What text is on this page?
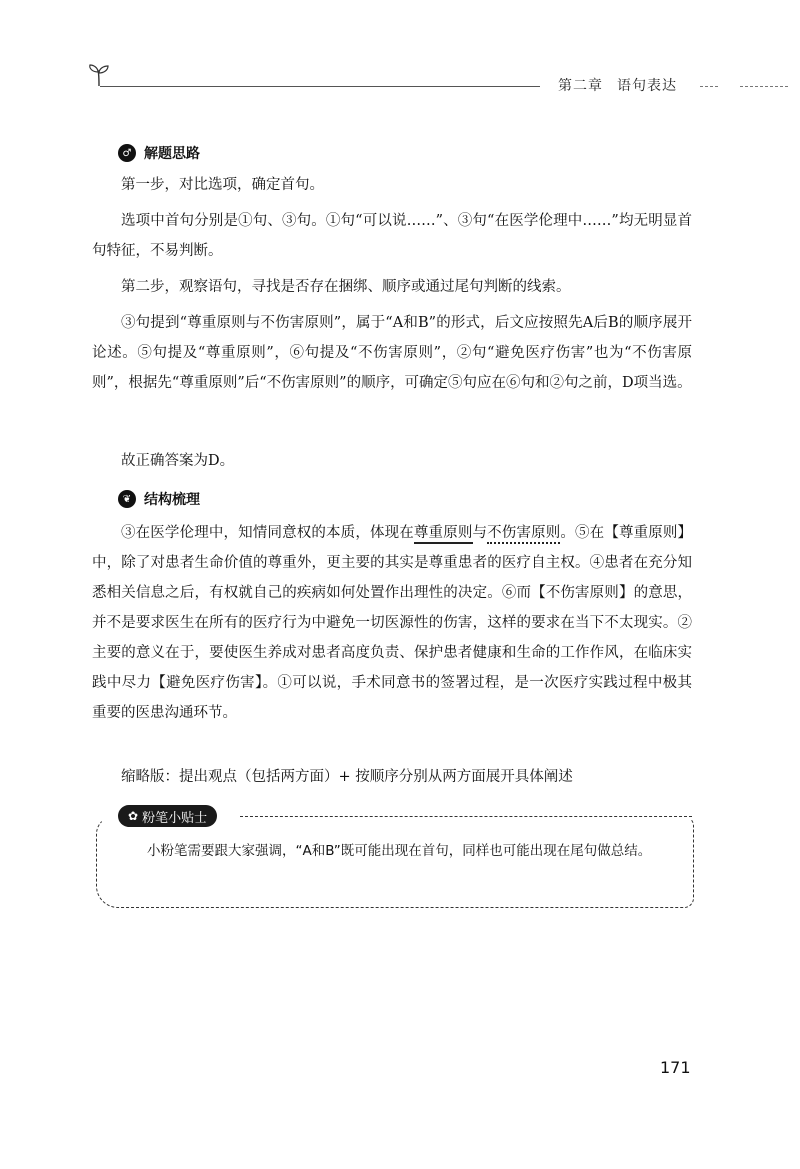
第二章 语句表达
♂ 解题思路
第一步，对比选项，确定首句。
选项中首句分别是①句、③句。①句“可以说……”、③句“在医学伦理中……”均无明显首句特征，不易判断。
第二步，观察语句，寻找是否存在捆绑、顺序或通过尾句判断的线索。
③句提到“尊重原则与不伤害原则”，属于“A和B”的形式，后文应按照先A后B的顺序展开论述。⑤句提及“尊重原则”，⑥句提及“不伤害原则”，②句“避免医疗伤害”也为“不伤害原则”，根据先“尊重原则”后“不伤害原则”的顺序，可确定⑤句应在⑥句和②句之前，D项当选。
故正确答案为D。
❦ 结构梳理
③在医学伦理中，知情同意权的本质，体现在尊重原则与不伤害原则。⑤在【尊重原则】中，除了对患者生命价值的尊重外，更主要的其实是尊重患者的医疗自主权。④患者在充分知悉相关信息之后，有权就自己的疾病如何处置作出理性的决定。⑥而【不伤害原则】的意思，并不是要求医生在所有的医疗行为中避免一切医源性的伤害，这样的要求在当下不太现实。②主要的意义在于，要使医生养成对患者高度负责、保护患者健康和生命的工作作风，在临床实践中尽力【避免医疗伤害】。①可以说，手术同意书的签署过程，是一次医疗实践过程中极其重要的医患沟通环节。
缩略版：提出观点（包括两方面）+ 按顺序分别从两方面展开具体阐述
✿ 粉笔小贴士
小粉笔需要跟大家强调，“A和B”既可能出现在首句，同样也可能出现在尾句做总结。
171
